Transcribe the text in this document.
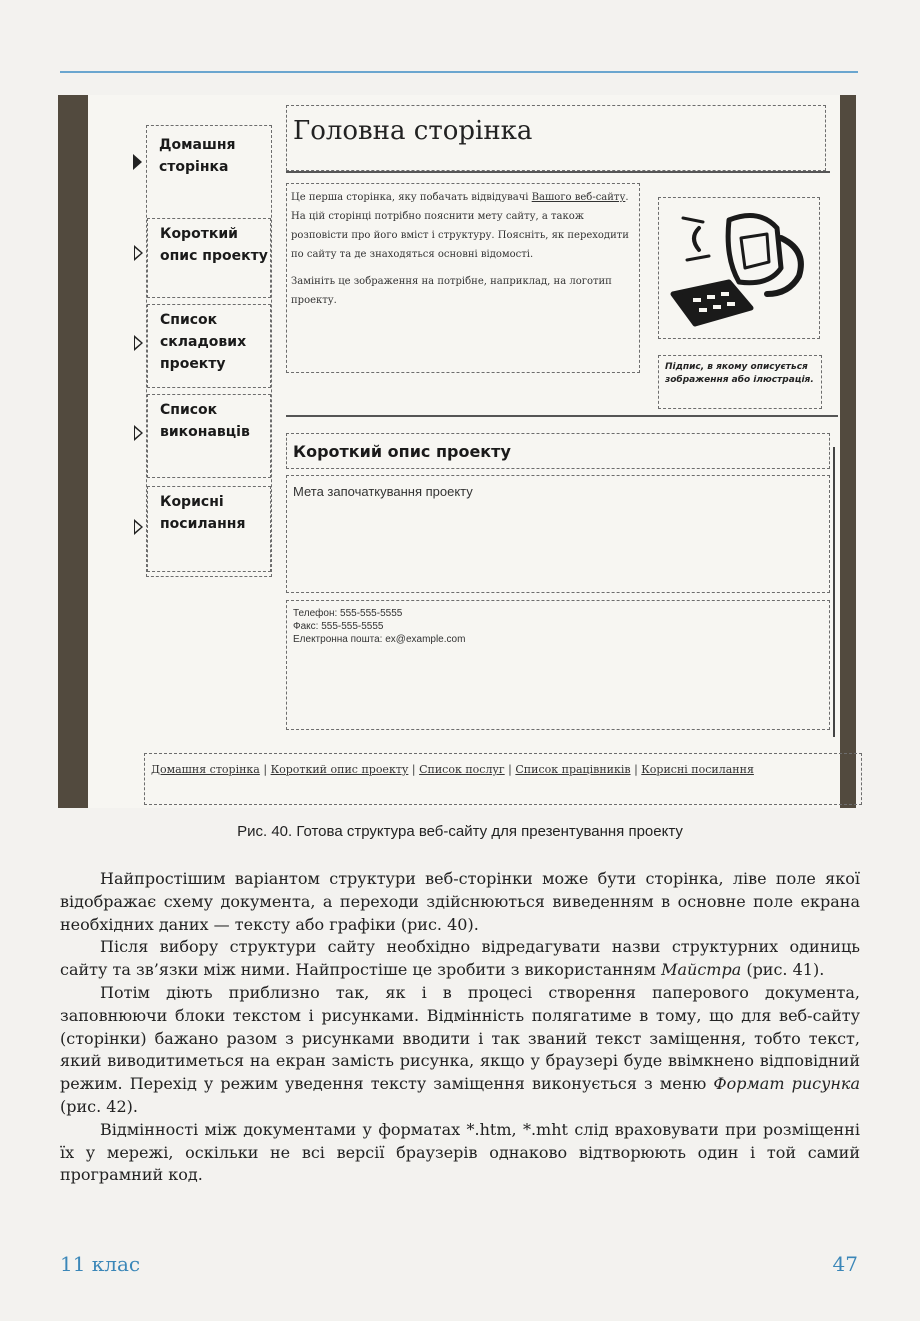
Домашня сторінка
Короткий опис проекту
Список складових проекту
Список виконавців
Корисні посилання
Головна сторінка

Це перша сторінка, яку побачать відвідувачі Вашого веб-сайту. На цій сторінці потрібно пояснити мету сайту, а також розповісти про його вміст і структуру. Поясніть, як переходити по сайту та де знаходяться основні відомості.

Замініть це зображення на потрібне, наприклад, на логотип проекту.

Підпис, в якому описується зображення або ілюстрація.
Короткий опис проекту
Мета започаткування проекту
Телефон: 555-555-5555
Факс: 555-555-5555
Електронна пошта: ex@example.com
Домашня сторінка | Короткий опис проекту | Список послуг | Список працівників | Корисні посилання
Рис. 40. Готова структура веб-сайту для презентування проекту

Найпростішим варіантом структури веб-сторінки може бути сторінка, ліве поле якої відображає схему документа, а переходи здійснюються виведенням в основне поле екрана необхідних даних — тексту або графіки (рис. 40).

Після вибору структури сайту необхідно відредагувати назви структурних одиниць сайту та зв’язки між ними. Найпростіше це зробити з використанням Майстра (рис. 41).

Потім діють приблизно так, як і в процесі створення паперового документа, заповнюючи блоки текстом і рисунками. Відмінність полягатиме в тому, що для веб-сайту (сторінки) бажано разом з рисунками вводити і так званий текст заміщення, тобто текст, який виводитиметься на екран замість рисунка, якщо у браузері буде ввімкнено відповідний режим. Перехід у режим уведення тексту заміщення виконується з меню Формат рисунка (рис. 42).

Відмінності між документами у форматах *.htm, *.mht слід враховувати при розміщенні їх у мережі, оскільки не всі версії браузерів однаково відтворюють один і той самий програмний код.

11 клас	47
